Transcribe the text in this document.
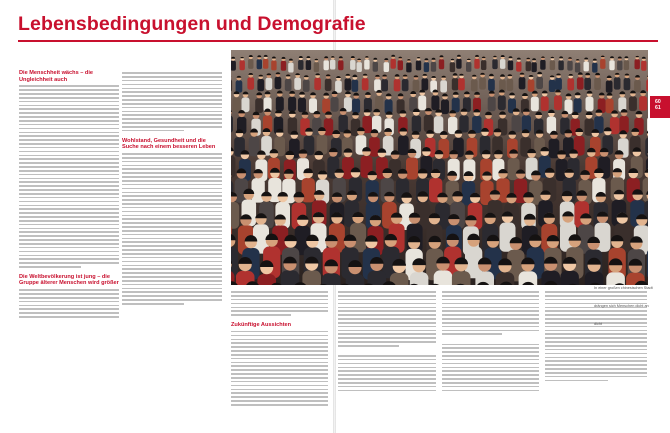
Lebensbedingungen und Demografie
Die Menschheit wächs – die Ungleichheit auch
Die Weltbevölkerung ist jung – die Gruppe älterer Menschen wird größer
Wohlstand, Gesundheit und die Suche nach einem besseren Leben
Zukünftige Aussichten
60
61
In einer großen chinesischen Stadt drängen sich Menschen dicht an dicht
